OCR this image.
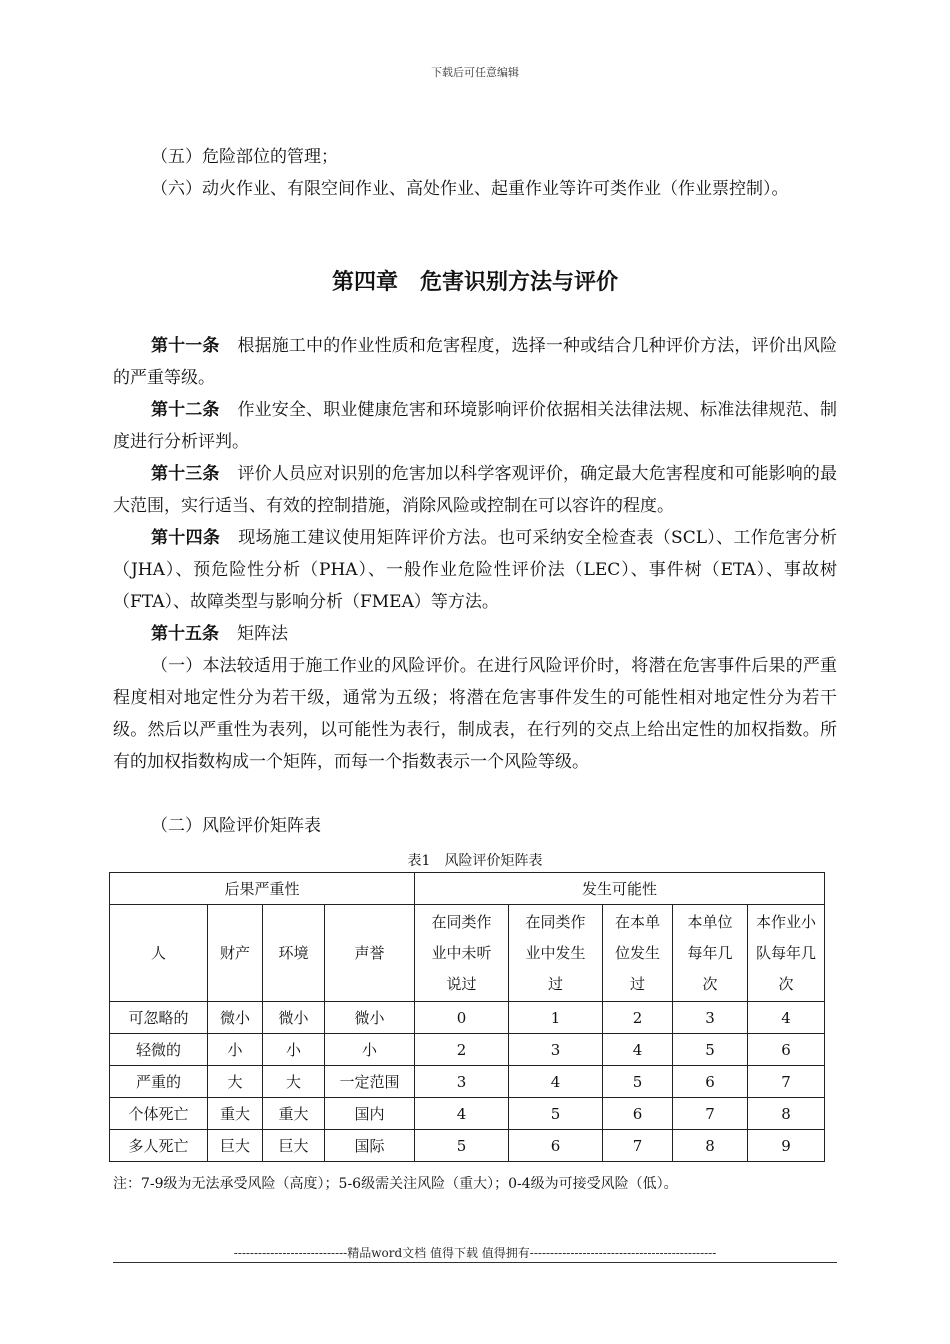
下载后可任意编辑
（五）危险部位的管理；
（六）动火作业、有限空间作业、高处作业、起重作业等许可类作业（作业票控制）。
第四章　危害识别方法与评价
第十一条 根据施工中的作业性质和危害程度，选择一种或结合几种评价方法，评价出风险的严重等级。
第十二条 作业安全、职业健康危害和环境影响评价依据相关法律法规、标准法律规范、制度进行分析评判。
第十三条 评价人员应对识别的危害加以科学客观评价，确定最大危害程度和可能影响的最大范围，实行适当、有效的控制措施，消除风险或控制在可以容许的程度。
第十四条 现场施工建议使用矩阵评价方法。也可采纳安全检查表（SCL）、工作危害分析（JHA）、预危险性分析（PHA）、一般作业危险性评价法（LEC）、事件树（ETA）、事故树（FTA）、故障类型与影响分析（FMEA）等方法。
第十五条 矩阵法
（一）本法较适用于施工作业的风险评价。在进行风险评价时，将潜在危害事件后果的严重程度相对地定性分为若干级，通常为五级；将潜在危害事件发生的可能性相对地定性分为若干级。然后以严重性为表列，以可能性为表行，制成表，在行列的交点上给出定性的加权指数。所有的加权指数构成一个矩阵，而每一个指数表示一个风险等级。
（二）风险评价矩阵表
表1　风险评价矩阵表
后果严重性				发生可能性				
人	财产	环境	声誉	在同类作业中未听说过	在同类作业中发生过	在本单位发生过	本单位每年几次	本作业小队每年几次
可忽略的	微小	微小	微小	0	1	2	3	4
轻微的	小	小	小	2	3	4	5	6
严重的	大	大	一定范围	3	4	5	6	7
个体死亡	重大	重大	国内	4	5	6	7	8
多人死亡	巨大	巨大	国际	5	6	7	8	9
注：7-9级为无法承受风险（高度）；5-6级需关注风险（重大）；0-4级为可接受风险（低）。
----------------------------精品word文档 值得下载 值得拥有----------------------------------------------
